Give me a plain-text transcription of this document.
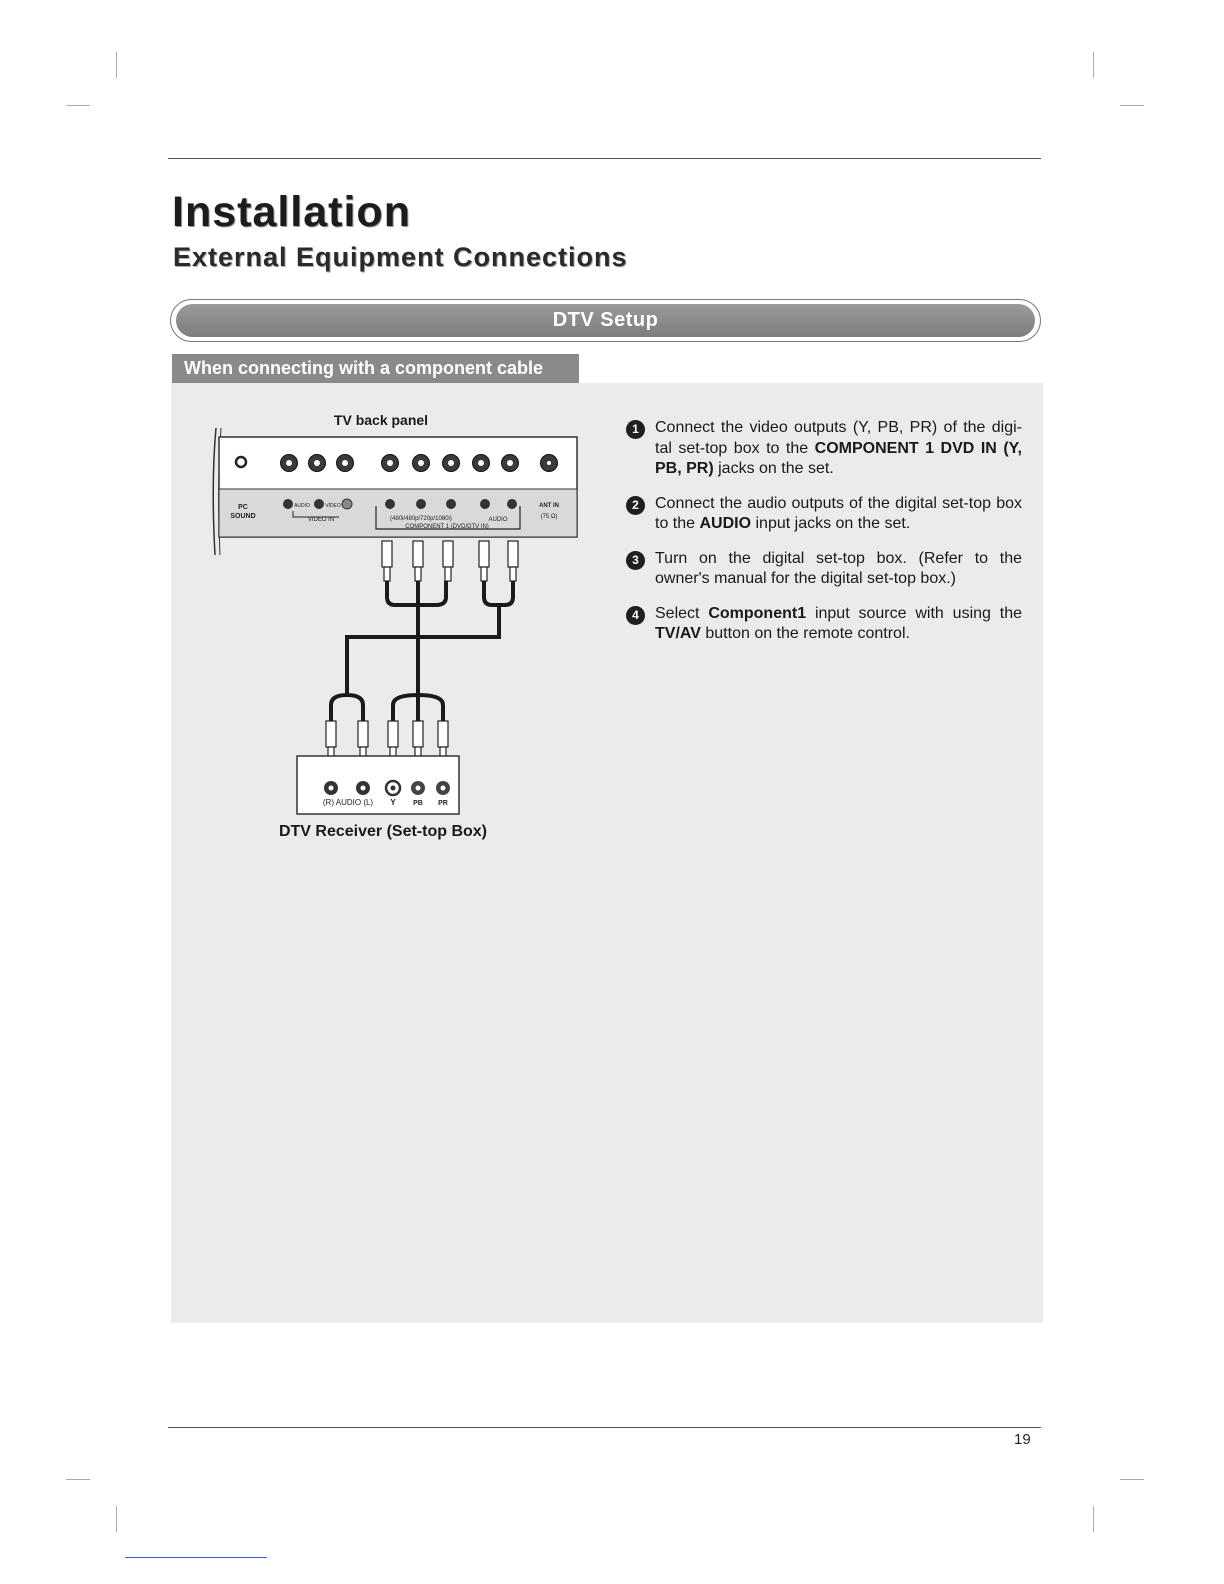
Installation
External Equipment Connections
DTV Setup
When connecting with a component cable
TV back panel
PC
SOUND
AUDIO	VIDEO
VIDEO IN	(480i/480p/720p/1080i)	AUDIO
COMPONENT 1 (DVD/DTV IN)
ANT IN
(75 Ω)
(R) AUDIO (L) Y PB PR
DTV Receiver (Set-top Box)
1	Connect the video outputs (Y, PB, PR) of the digi-tal set-top box to the COMPONENT 1 DVD IN (Y, PB, PR) jacks on the set.
2	Connect the audio outputs of the digital set-top box to the AUDIO input jacks on the set.
3	Turn on the digital set-top box. (Refer to the owner's manual for the digital set-top box.)
4	Select Component1 input source with using the TV/AV button on the remote control.
19
